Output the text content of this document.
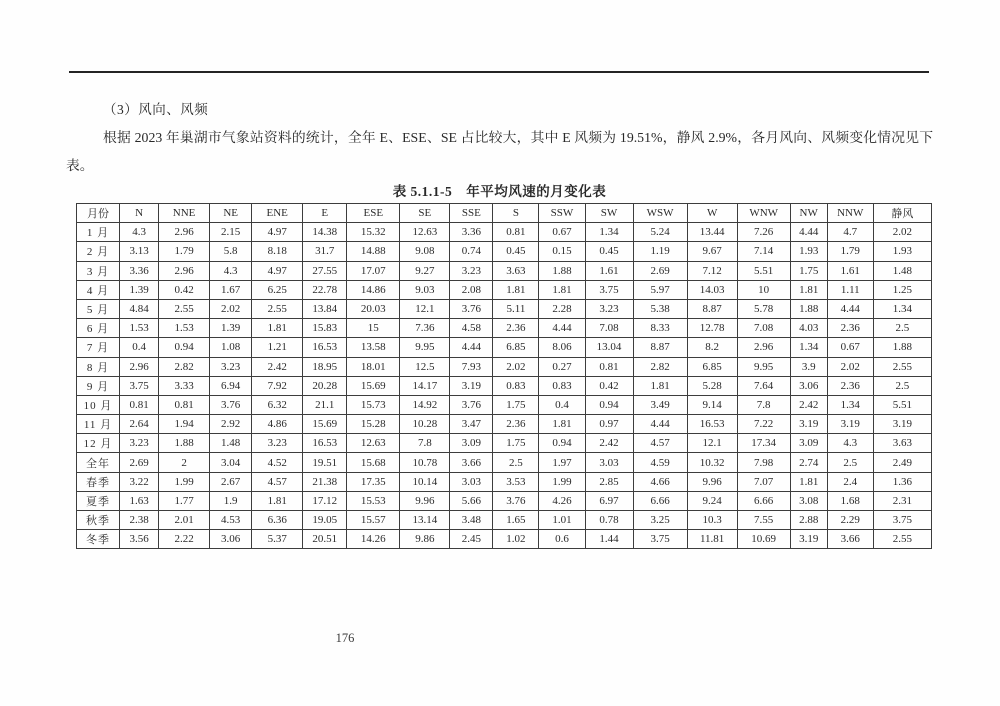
（3）风向、风频

根据 2023 年巢湖市气象站资料的统计，全年 E、ESE、SE 占比较大，其中 E 风频为 19.51%，静风 2.9%，各月风向、风频变化情况见下表。

表 5.1.1-5　年平均风速的月变化表
月份	N	NNE	NE	ENE	E	ESE	SE	SSE	S	SSW	SW	WSW	W	WNW	NW	NNW	静风
1 月	4.3	2.96	2.15	4.97	14.38	15.32	12.63	3.36	0.81	0.67	1.34	5.24	13.44	7.26	4.44	4.7	2.02
2 月	3.13	1.79	5.8	8.18	31.7	14.88	9.08	0.74	0.45	0.15	0.45	1.19	9.67	7.14	1.93	1.79	1.93
3 月	3.36	2.96	4.3	4.97	27.55	17.07	9.27	3.23	3.63	1.88	1.61	2.69	7.12	5.51	1.75	1.61	1.48
4 月	1.39	0.42	1.67	6.25	22.78	14.86	9.03	2.08	1.81	1.81	3.75	5.97	14.03	10	1.81	1.11	1.25
5 月	4.84	2.55	2.02	2.55	13.84	20.03	12.1	3.76	5.11	2.28	3.23	5.38	8.87	5.78	1.88	4.44	1.34
6 月	1.53	1.53	1.39	1.81	15.83	15	7.36	4.58	2.36	4.44	7.08	8.33	12.78	7.08	4.03	2.36	2.5
7 月	0.4	0.94	1.08	1.21	16.53	13.58	9.95	4.44	6.85	8.06	13.04	8.87	8.2	2.96	1.34	0.67	1.88
8 月	2.96	2.82	3.23	2.42	18.95	18.01	12.5	7.93	2.02	0.27	0.81	2.82	6.85	9.95	3.9	2.02	2.55
9 月	3.75	3.33	6.94	7.92	20.28	15.69	14.17	3.19	0.83	0.83	0.42	1.81	5.28	7.64	3.06	2.36	2.5
10 月	0.81	0.81	3.76	6.32	21.1	15.73	14.92	3.76	1.75	0.4	0.94	3.49	9.14	7.8	2.42	1.34	5.51
11 月	2.64	1.94	2.92	4.86	15.69	15.28	10.28	3.47	2.36	1.81	0.97	4.44	16.53	7.22	3.19	3.19	3.19
12 月	3.23	1.88	1.48	3.23	16.53	12.63	7.8	3.09	1.75	0.94	2.42	4.57	12.1	17.34	3.09	4.3	3.63
全年	2.69	2	3.04	4.52	19.51	15.68	10.78	3.66	2.5	1.97	3.03	4.59	10.32	7.98	2.74	2.5	2.49
春季	3.22	1.99	2.67	4.57	21.38	17.35	10.14	3.03	3.53	1.99	2.85	4.66	9.96	7.07	1.81	2.4	1.36
夏季	1.63	1.77	1.9	1.81	17.12	15.53	9.96	5.66	3.76	4.26	6.97	6.66	9.24	6.66	3.08	1.68	2.31
秋季	2.38	2.01	4.53	6.36	19.05	15.57	13.14	3.48	1.65	1.01	0.78	3.25	10.3	7.55	2.88	2.29	3.75
冬季	3.56	2.22	3.06	5.37	20.51	14.26	9.86	2.45	1.02	0.6	1.44	3.75	11.81	10.69	3.19	3.66	2.55
176
